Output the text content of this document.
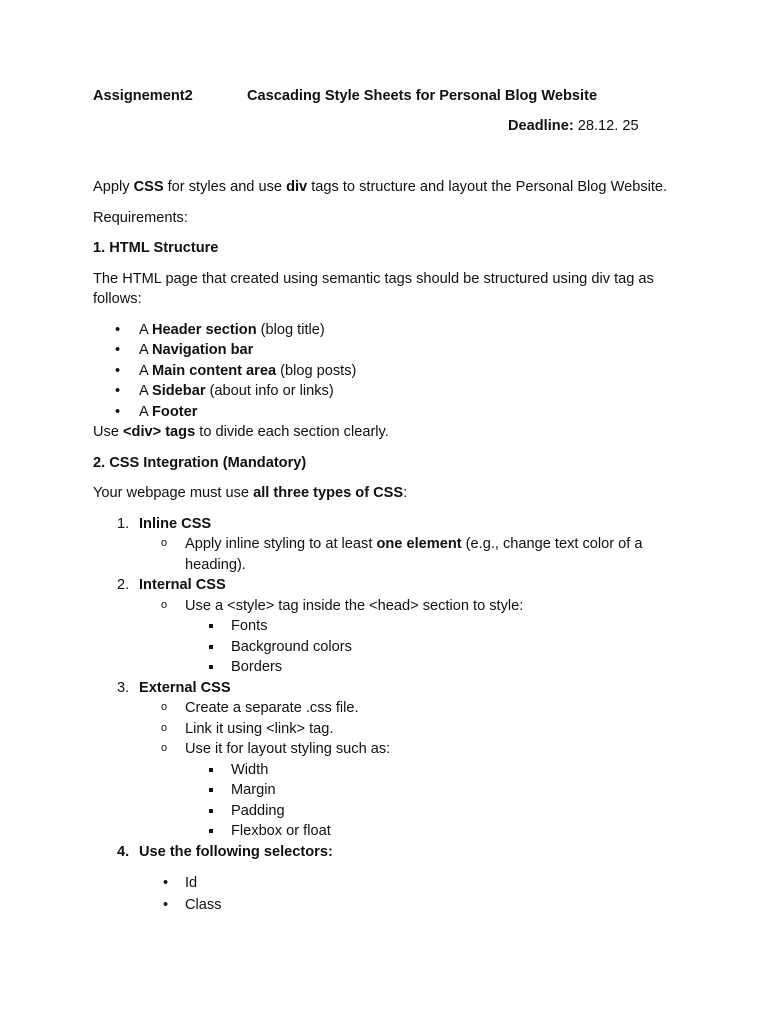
Assignement2	Cascading Style Sheets for Personal Blog Website
Deadline: 28.12. 25

Apply CSS for styles and use div tags to structure and layout the Personal Blog Website.

Requirements:

1. HTML Structure

The HTML page that created using semantic tags should be structured using div tag as follows:

• A Header section (blog title)
• A Navigation bar
• A Main content area (blog posts)
• A Sidebar (about info or links)
• A Footer

Use <div> tags to divide each section clearly.

2. CSS Integration (Mandatory)

Your webpage must use all three types of CSS:

1. Inline CSS
o Apply inline styling to at least one element (e.g., change text color of a heading).
2. Internal CSS
o Use a <style> tag inside the <head> section to style:
Fonts
Background colors
Borders
3. External CSS
o Create a separate .css file.
o Link it using <link> tag.
o Use it for layout styling such as:
Width
Margin
Padding
Flexbox or float
4. Use the following selectors:
• Id
• Class
